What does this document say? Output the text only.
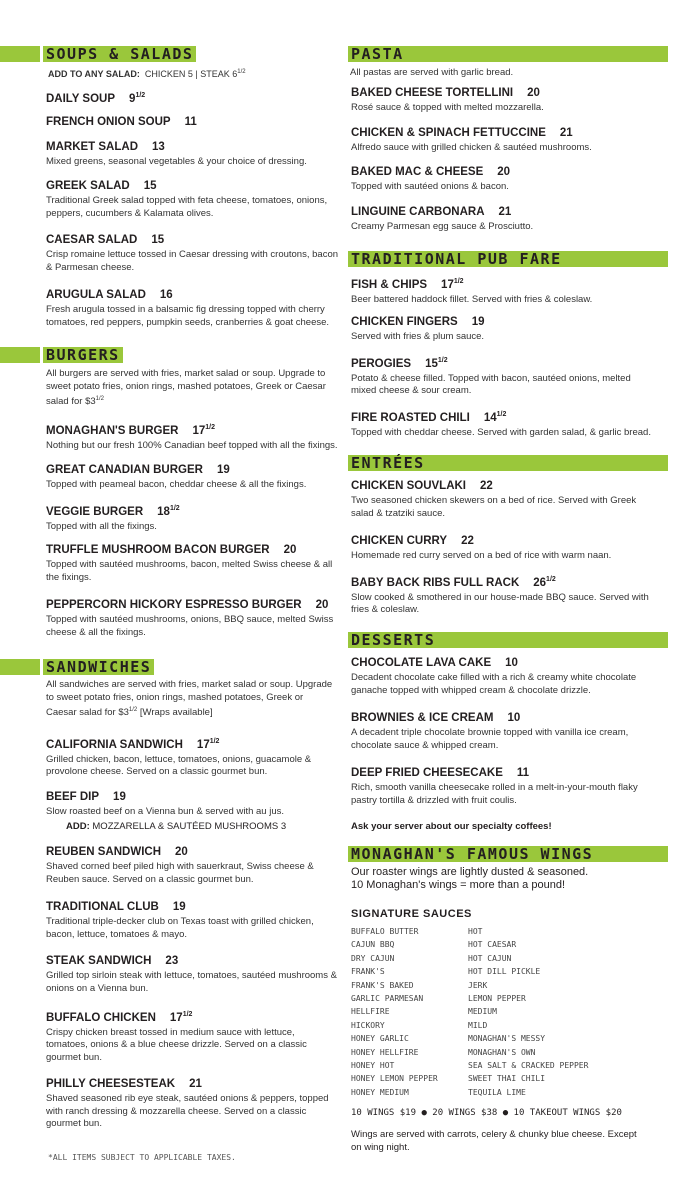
SOUPS & SALADS
ADD TO ANY SALAD: CHICKEN 5 | STEAK $6^{1/2}$
DAILY SOUP $9^{1/2}$
FRENCH ONION SOUP 11
MARKET SALAD 13
Mixed greens, seasonal vegetables & your choice of dressing.
GREEK SALAD 15
Traditional Greek salad topped with feta cheese, tomatoes, onions, peppers, cucumbers & Kalamata olives.
CAESAR SALAD 15
Crisp romaine lettuce tossed in Caesar dressing with croutons, bacon & Parmesan cheese.
ARUGULA SALAD 16
Fresh arugula tossed in a balsamic fig dressing topped with cherry tomatoes, red peppers, pumpkin seeds, cranberries & goat cheese.
BURGERS
All burgers are served with fries, market salad or soup. Upgrade to sweet potato fries, onion rings, mashed potatoes, Greek or Caesar salad for $\$3^{1/2}$
MONAGHAN'S BURGER $17^{1/2}$
Nothing but our fresh 100% Canadian beef topped with all the fixings.
GREAT CANADIAN BURGER 19
Topped with peameal bacon, cheddar cheese & all the fixings.
VEGGIE BURGER $18^{1/2}$
Topped with all the fixings.
TRUFFLE MUSHROOM BACON BURGER 20
Topped with sautéed mushrooms, bacon, melted Swiss cheese & all the fixings.
PEPPERCORN HICKORY ESPRESSO BURGER 20
Topped with sautéed mushrooms, onions, BBQ sauce, melted Swiss cheese & all the fixings.
SANDWICHES
All sandwiches are served with fries, market salad or soup. Upgrade to sweet potato fries, onion rings, mashed potatoes, Greek or Caesar salad for $\$3^{1/2}$ [Wraps available]
CALIFORNIA SANDWICH $17^{1/2}$
Grilled chicken, bacon, lettuce, tomatoes, onions, guacamole & provolone cheese. Served on a classic gourmet bun.
BEEF DIP 19
Slow roasted beef on a Vienna bun & served with au jus.
ADD: MOZZARELLA & SAUTÉED MUSHROOMS 3
REUBEN SANDWICH 20
Shaved corned beef piled high with sauerkraut, Swiss cheese & Reuben sauce. Served on a classic gourmet bun.
TRADITIONAL CLUB 19
Traditional triple-decker club on Texas toast with grilled chicken, bacon, lettuce, tomatoes & mayo.
STEAK SANDWICH 23
Grilled top sirloin steak with lettuce, tomatoes, sautéed mushrooms & onions on a Vienna bun.
BUFFALO CHICKEN $17^{1/2}$
Crispy chicken breast tossed in medium sauce with lettuce, tomatoes, onions & a blue cheese drizzle. Served on a classic gourmet bun.
PHILLY CHEESESTEAK 21
Shaved seasoned rib eye steak, sautéed onions & peppers, topped with ranch dressing & mozzarella cheese. Served on a classic gourmet bun.
*ALL ITEMS SUBJECT TO APPLICABLE TAXES.
PASTA
All pastas are served with garlic bread.
BAKED CHEESE TORTELLINI 20
Rosé sauce & topped with melted mozzarella.
CHICKEN & SPINACH FETTUCCINE 21
Alfredo sauce with grilled chicken & sautéed mushrooms.
BAKED MAC & CHEESE 20
Topped with sautéed onions & bacon.
LINGUINE CARBONARA 21
Creamy Parmesan egg sauce & Prosciutto.
TRADITIONAL PUB FARE
FISH & CHIPS $17^{1/2}$
Beer battered haddock fillet. Served with fries & coleslaw.
CHICKEN FINGERS 19
Served with fries & plum sauce.
PEROGIES $15^{1/2}$
Potato & cheese filled. Topped with bacon, sautéed onions, melted mixed cheese & sour cream.
FIRE ROASTED CHILI $14^{1/2}$
Topped with cheddar cheese. Served with garden salad, & garlic bread.
ENTRÉES
CHICKEN SOUVLAKI 22
Two seasoned chicken skewers on a bed of rice. Served with Greek salad & tzatziki sauce.
CHICKEN CURRY 22
Homemade red curry served on a bed of rice with warm naan.
BABY BACK RIBS FULL RACK $26^{1/2}$
Slow cooked & smothered in our house-made BBQ sauce. Served with fries & coleslaw.
DESSERTS
CHOCOLATE LAVA CAKE 10
Decadent chocolate cake filled with a rich & creamy white chocolate ganache topped with whipped cream & chocolate drizzle.
BROWNIES & ICE CREAM 10
A decadent triple chocolate brownie topped with vanilla ice cream, chocolate sauce & whipped cream.
DEEP FRIED CHEESECAKE 11
Rich, smooth vanilla cheesecake rolled in a melt-in-your-mouth flaky pastry tortilla & drizzled with fruit coulis.
Ask your server about our specialty coffees!
MONAGHAN'S FAMOUS WINGS
Our roaster wings are lightly dusted & seasoned.
10 Monaghan's wings = more than a pound!
SIGNATURE SAUCES
BUFFALO BUTTER
CAJUN BBQ
DRY CAJUN
FRANK'S
FRANK'S BAKED
GARLIC PARMESAN
HELLFIRE
HICKORY
HONEY GARLIC
HONEY HELLFIRE
HONEY HOT
HONEY LEMON PEPPER
HONEY MEDIUM
HOT
HOT CAESAR
HOT CAJUN
HOT DILL PICKLE
JERK
LEMON PEPPER
MEDIUM
MILD
MONAGHAN'S MESSY
MONAGHAN'S OWN
SEA SALT & CRACKED PEPPER
SWEET THAI CHILI
TEQUILA LIME
10 WINGS $19 ● 20 WINGS $38 ● 10 TAKEOUT WINGS $20
Wings are served with carrots, celery & chunky blue cheese. Except on wing night.
